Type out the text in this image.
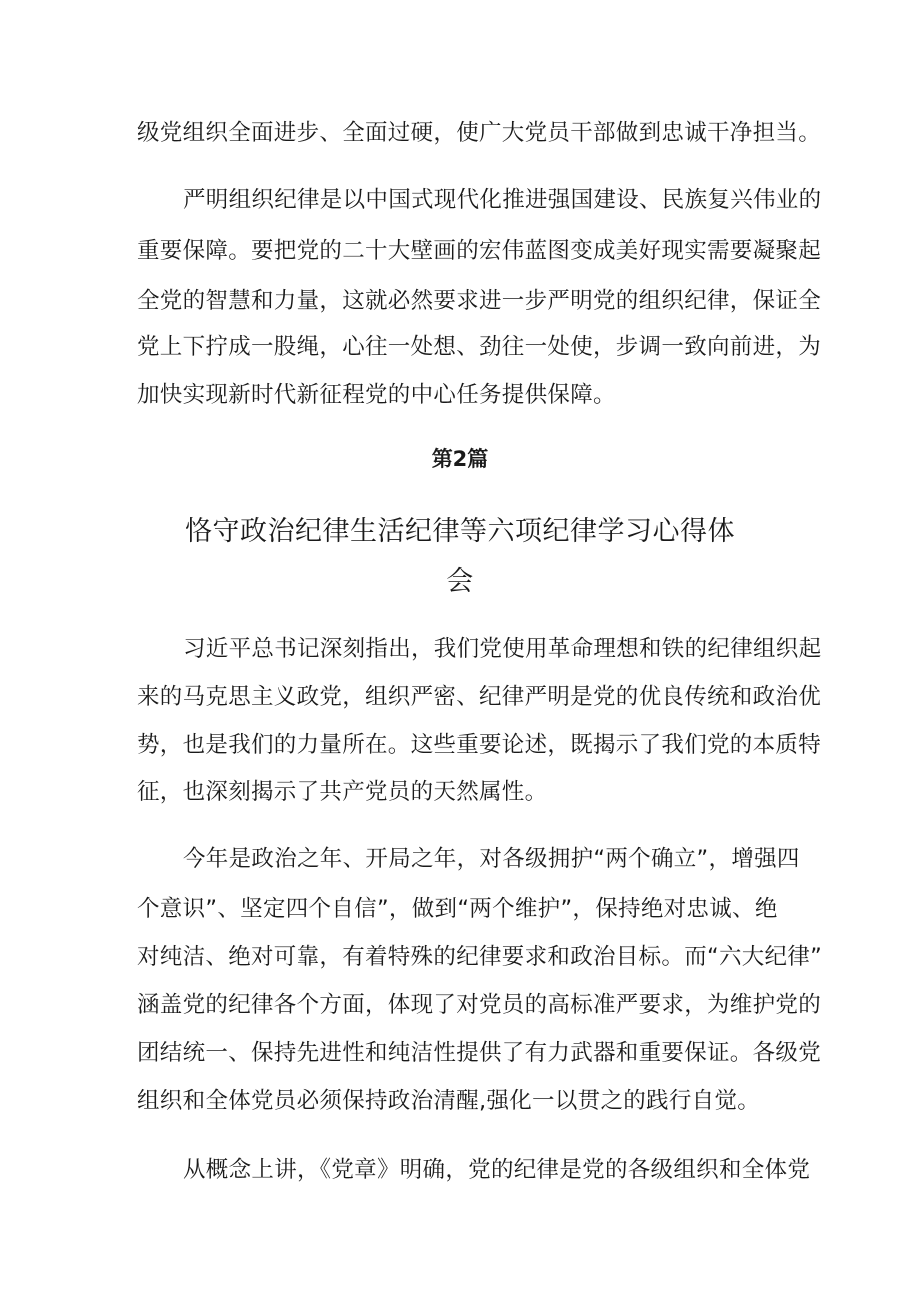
级党组织全面进步、全面过硬，使广大党员干部做到忠诚干净担当。
严明组织纪律是以中国式现代化推进强国建设、民族复兴伟业的
重要保障。要把党的二十大壁画的宏伟蓝图变成美好现实需要凝聚起
全党的智慧和力量，这就必然要求进一步严明党的组织纪律，保证全
党上下拧成一股绳，心往一处想、劲往一处使，步调一致向前进，为
加快实现新时代新征程党的中心任务提供保障。
第2篇
恪守政治纪律生活纪律等六项纪律学习心得体
会
习近平总书记深刻指出，我们党使用革命理想和铁的纪律组织起
来的马克思主义政党，组织严密、纪律严明是党的优良传统和政治优
势，也是我们的力量所在。这些重要论述，既揭示了我们党的本质特
征，也深刻揭示了共产党员的天然属性。
今年是政治之年、开局之年，对各级拥护“两个确立”，增强四
个意识”、坚定四个自信”，做到“两个维护”，保持绝对忠诚、绝
对纯洁、绝对可靠，有着特殊的纪律要求和政治目标。而“六大纪律”
涵盖党的纪律各个方面，体现了对党员的高标准严要求，为维护党的
团结统一、保持先进性和纯洁性提供了有力武器和重要保证。各级党
组织和全体党员必须保持政治清醒,强化一以贯之的践行自觉。
从概念上讲，《党章》明确，党的纪律是党的各级组织和全体党
